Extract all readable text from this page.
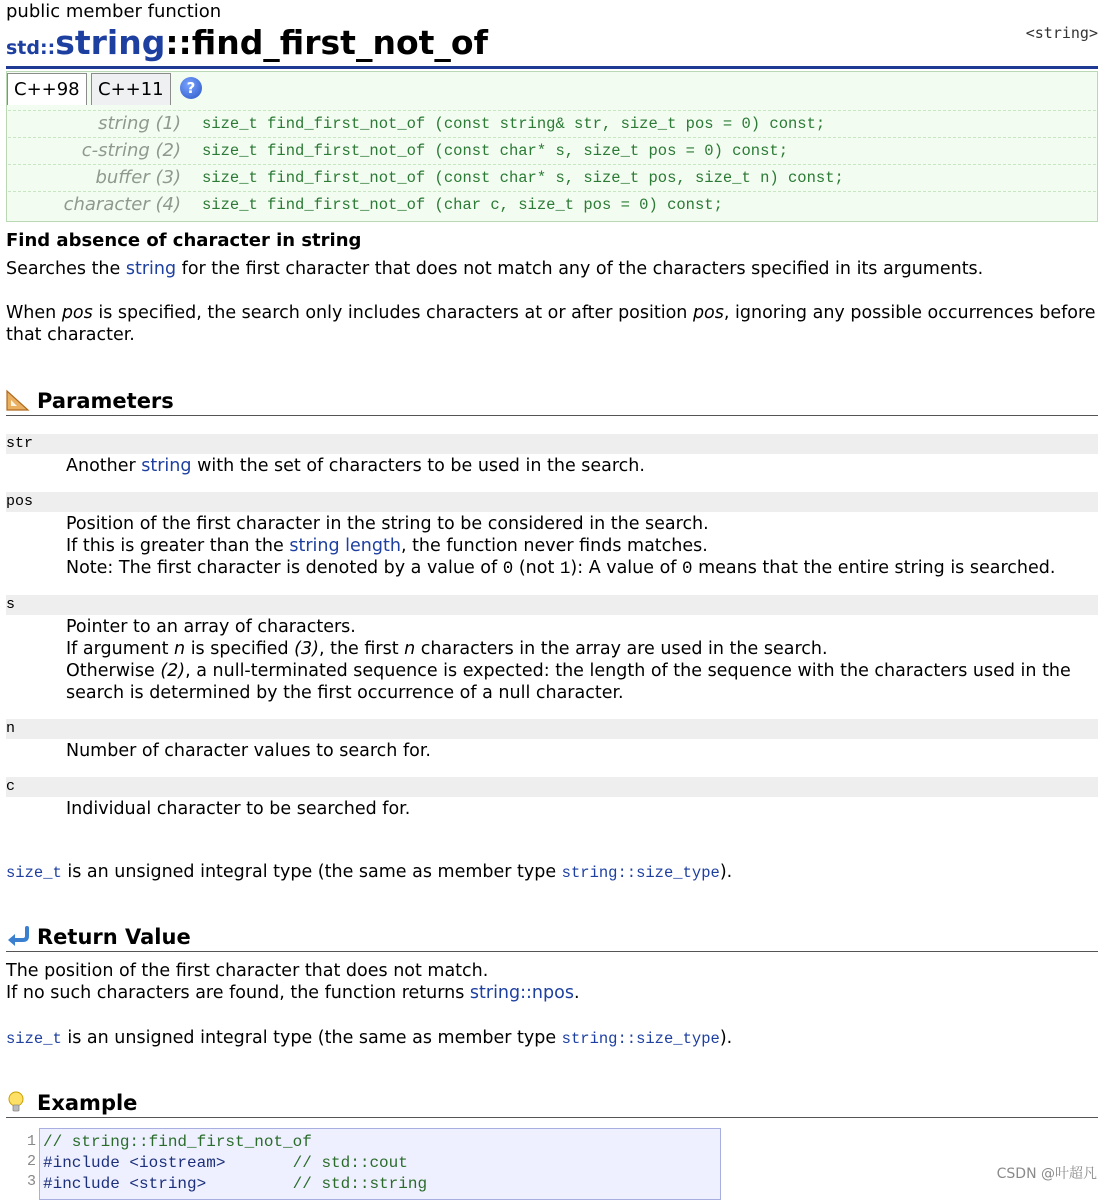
public member function
std::string::find_first_not_of	<string>
C++98	C++11	?
string (1) size_t find_first_not_of (const string& str, size_t pos = 0) const;
c-string (2) size_t find_first_not_of (const char* s, size_t pos = 0) const;
buffer (3) size_t find_first_not_of (const char* s, size_t pos, size_t n) const;
character (4) size_t find_first_not_of (char c, size_t pos = 0) const;
Find absence of character in string
Searches the string for the first character that does not match any of the characters specified in its arguments.
When pos is specified, the search only includes characters at or after position pos, ignoring any possible occurrences before that character.
Parameters
str
Another string with the set of characters to be used in the search.
pos
Position of the first character in the string to be considered in the search.
If this is greater than the string length, the function never finds matches.
Note: The first character is denoted by a value of 0 (not 1): A value of 0 means that the entire string is searched.
s
Pointer to an array of characters.
If argument n is specified (3), the first n characters in the array are used in the search.
Otherwise (2), a null-terminated sequence is expected: the length of the sequence with the characters used in the search is determined by the first occurrence of a null character.
n
Number of character values to search for.
c
Individual character to be searched for.
size_t is an unsigned integral type (the same as member type string::size_type).
Return Value
The position of the first character that does not match.
If no such characters are found, the function returns string::npos.
size_t is an unsigned integral type (the same as member type string::size_type).
Example
1
2
3
// string::find_first_not_of
#include <iostream>       // std::cout
#include <string>         // std::string
CSDN @叶超凡
